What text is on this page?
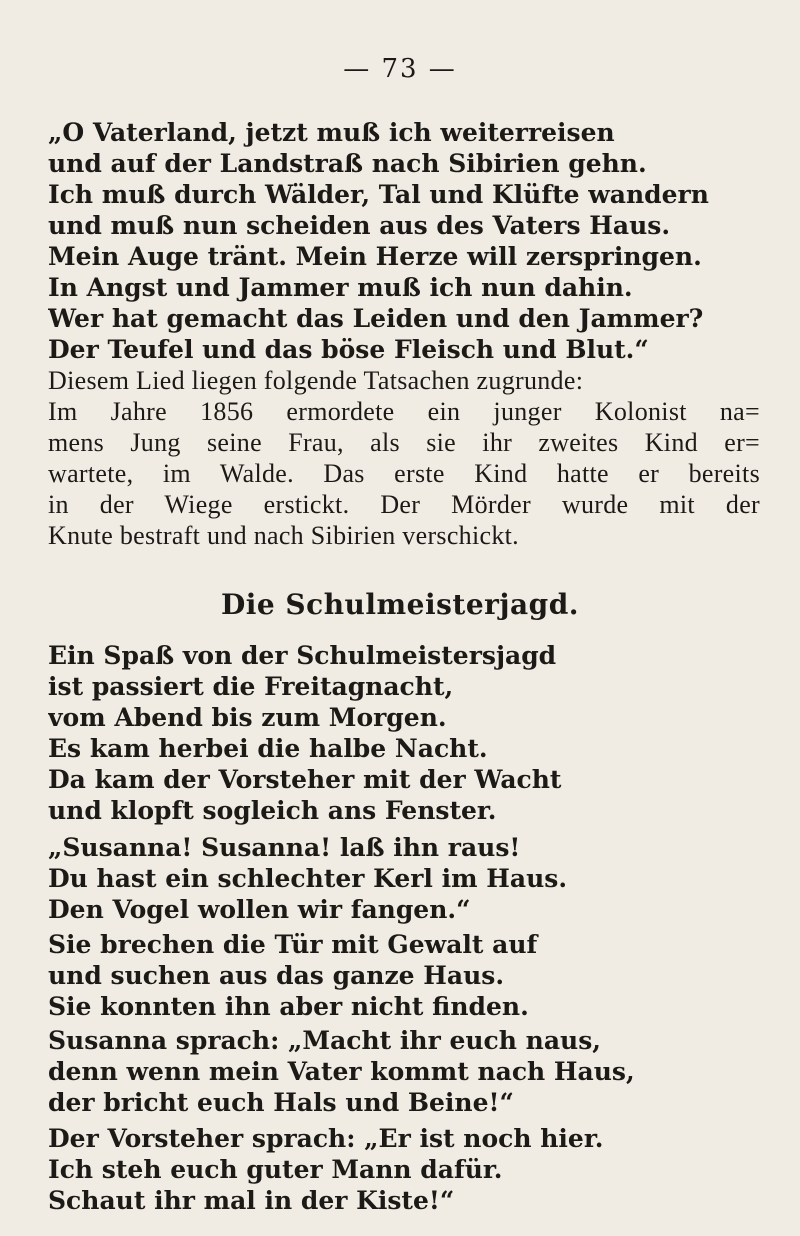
— 73 —
„O Vaterland, jetzt muß ich weiterreisen
und auf der Landstraß nach Sibirien gehn.
Ich muß durch Wälder, Tal und Klüfte wandern
und muß nun scheiden aus des Vaters Haus.
Mein Auge tränt. Mein Herze will zerspringen.
In Angst und Jammer muß ich nun dahin.
Wer hat gemacht das Leiden und den Jammer?
Der Teufel und das böse Fleisch und Blut.“
Diesem Lied liegen folgende Tatsachen zugrunde:
Im Jahre 1856 ermordete ein junger Kolonist na=
mens Jung seine Frau, als sie ihr zweites Kind er=
wartete, im Walde. Das erste Kind hatte er bereits
in der Wiege erstickt. Der Mörder wurde mit der
Knute bestraft und nach Sibirien verschickt.
Die Schulmeisterjagd.
Ein Spaß von der Schulmeistersjagd
ist passiert die Freitagnacht,
vom Abend bis zum Morgen.
Es kam herbei die halbe Nacht.
Da kam der Vorsteher mit der Wacht
und klopft sogleich ans Fenster.
„Susanna! Susanna! laß ihn raus!
Du hast ein schlechter Kerl im Haus.
Den Vogel wollen wir fangen.“
Sie brechen die Tür mit Gewalt auf
und suchen aus das ganze Haus.
Sie konnten ihn aber nicht finden.
Susanna sprach: „Macht ihr euch naus,
denn wenn mein Vater kommt nach Haus,
der bricht euch Hals und Beine!“
Der Vorsteher sprach: „Er ist noch hier.
Ich steh euch guter Mann dafür.
Schaut ihr mal in der Kiste!“
